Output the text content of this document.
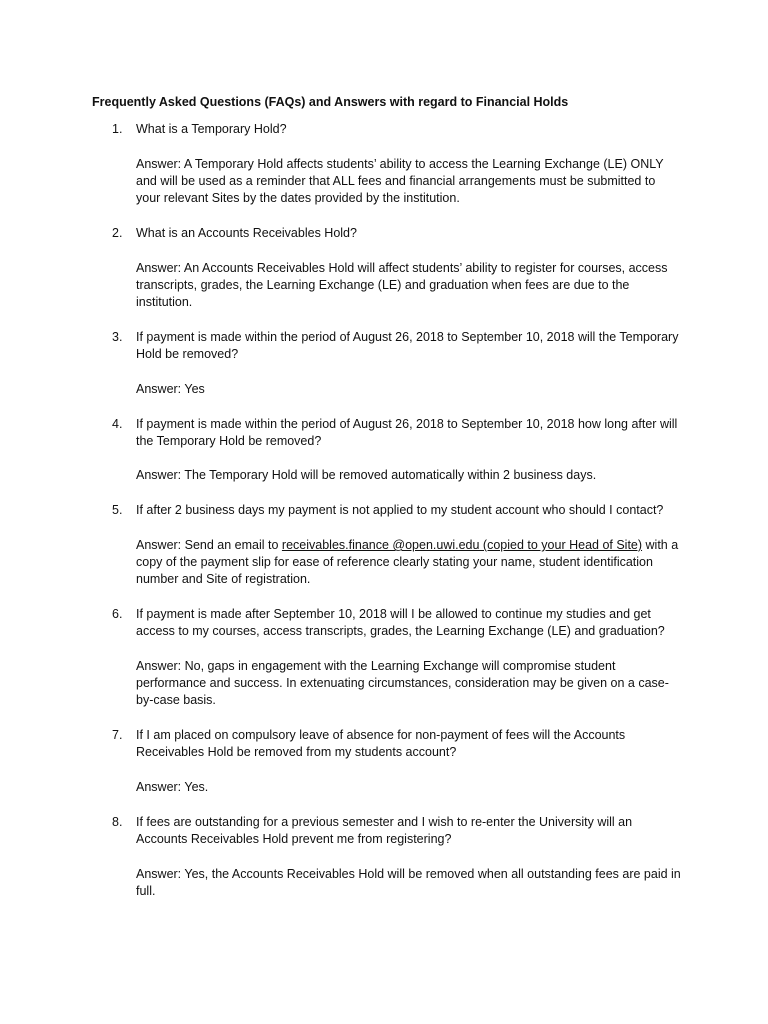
Frequently Asked Questions (FAQs) and Answers with regard to Financial Holds
1.	What is a Temporary Hold?
Answer: A Temporary Hold affects students’ ability to access the Learning Exchange (LE) ONLY and will be used as a reminder that ALL fees and financial arrangements must be submitted to your relevant Sites by the dates provided by the institution.
2.	What is an Accounts Receivables Hold?
Answer: An Accounts Receivables Hold will affect students’ ability to register for courses, access transcripts, grades, the Learning Exchange (LE) and graduation when fees are due to the institution.
3.	If payment is made within the period of August 26, 2018 to September 10, 2018 will the Temporary Hold be removed?
Answer: Yes
4.	If payment is made within the period of August 26, 2018 to September 10, 2018 how long after will the Temporary Hold be removed?
Answer: The Temporary Hold will be removed automatically within 2 business days.
5.	If after 2 business days my payment is not applied to my student account who should I contact?
Answer: Send an email to receivables.finance @open.uwi.edu (copied to your Head of Site) with a copy of the payment slip for ease of reference clearly stating your name, student identification number and Site of registration.
6.	If payment is made after September 10, 2018 will I be allowed to continue my studies and get access to my courses, access transcripts, grades, the Learning Exchange (LE) and graduation?
Answer: No, gaps in engagement with the Learning Exchange will compromise student performance and success. In extenuating circumstances, consideration may be given on a case-by-case basis.
7.	If I am placed on compulsory leave of absence for non-payment of fees will the Accounts Receivables Hold be removed from my students account?
Answer: Yes.
8.	If fees are outstanding for a previous semester and I wish to re-enter the University will an Accounts Receivables Hold prevent me from registering?
Answer: Yes, the Accounts Receivables Hold will be removed when all outstanding fees are paid in full.
